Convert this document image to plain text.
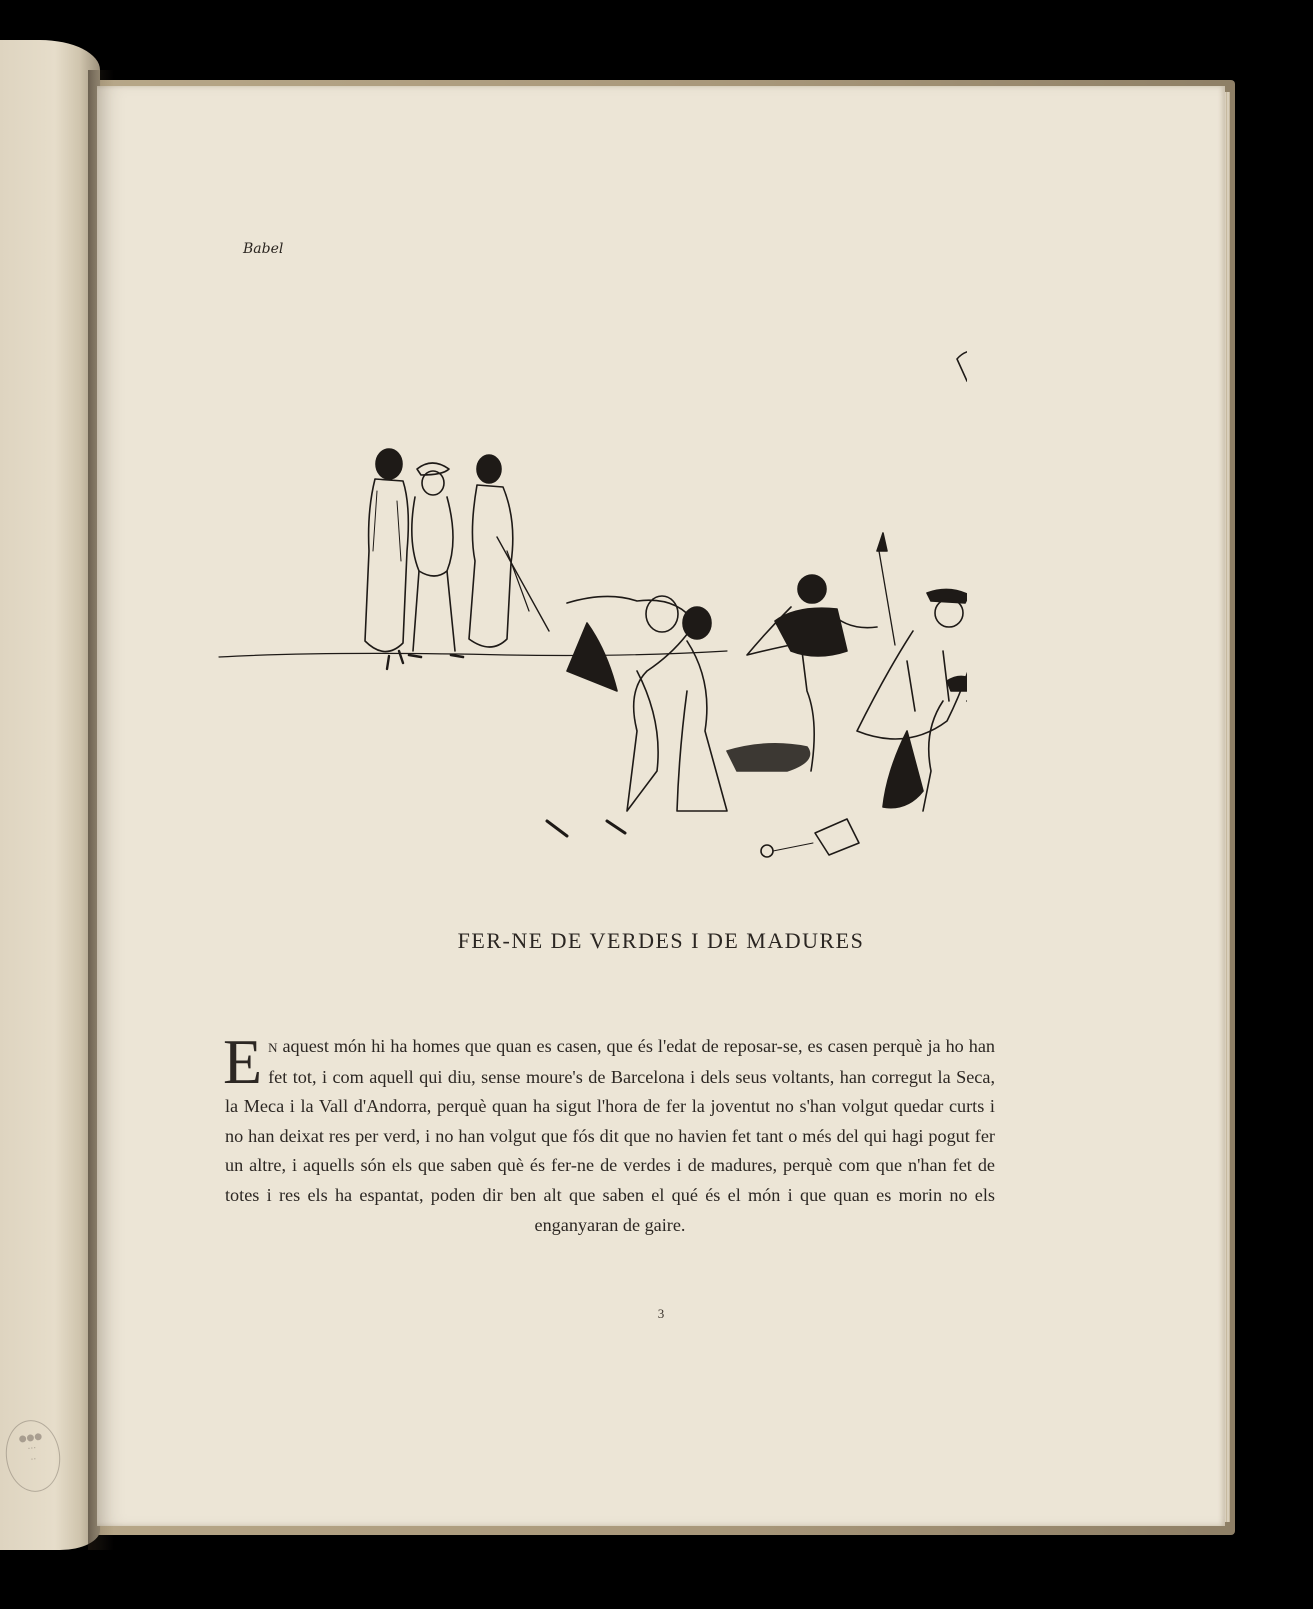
●●●
···
··
Babel
FER-NE DE VERDES I DE MADURES

E N aquest món hi ha homes que quan es casen, que és l'edat de reposar-se, es casen perquè ja ho han fet tot, i com aquell qui diu, sense moure's de Barcelona i dels seus voltants, han corregut la Seca, la Meca i la Vall d'Andorra, perquè quan ha sigut l'hora de fer la joventut no s'han volgut quedar curts i no han deixat res per verd, i no han volgut que fós dit que no havien fet tant o més del qui hagi pogut fer un altre, i aquells són els que saben què és fer-ne de verdes i de madures, perquè com que n'han fet de totes i res els ha espantat, poden dir ben alt que saben el qué és el món i que quan es morin no els enganyaran de gaire.

3
